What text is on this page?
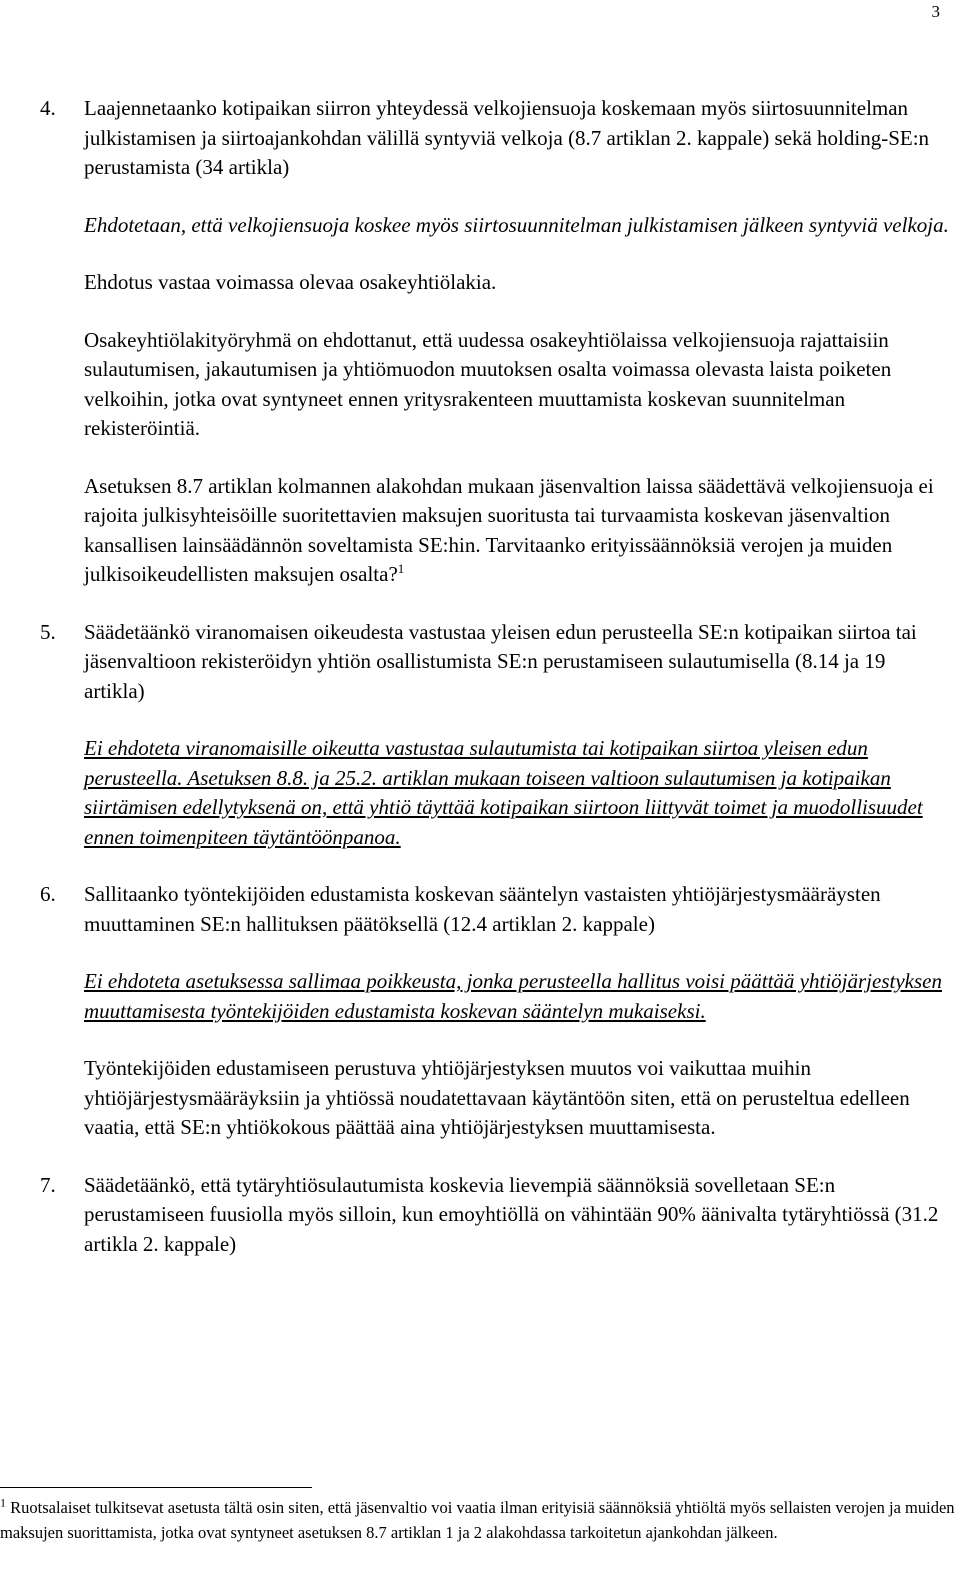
3
4.	Laajennetaanko kotipaikan siirron yhteydessä velkojiensuoja koskemaan myös siirtosuunnitelman julkistamisen ja siirtoajankohdan välillä syntyviä velkoja (8.7 artiklan 2. kappale) sekä holding-SE:n perustamista (34 artikla)
Ehdotetaan, että velkojiensuoja koskee myös siirtosuunnitelman julkistamisen jälkeen syntyviä velkoja.
Ehdotus vastaa voimassa olevaa osakeyhtiölakia.
Osakeyhtiölakityöryhmä on ehdottanut, että uudessa osakeyhtiölaissa velkojiensuoja rajattaisiin sulautumisen, jakautumisen ja yhtiömuodon muutoksen osalta voimassa olevasta laista poiketen velkoihin, jotka ovat syntyneet ennen yritysrakenteen muuttamista koskevan suunnitelman rekisteröintiä.
Asetuksen 8.7 artiklan kolmannen alakohdan mukaan jäsenvaltion laissa säädettävä velkojiensuoja ei rajoita julkisyhteisöille suoritettavien maksujen suoritusta tai turvaamista koskevan jäsenvaltion kansallisen lainsäädännön soveltamista SE:hin. Tarvitaanko erityissäännöksiä verojen ja muiden julkisoikeudellisten maksujen osalta?$^1$
5.	Säädetäänkö viranomaisen oikeudesta vastustaa yleisen edun perusteella SE:n kotipaikan siirtoa tai jäsenvaltioon rekisteröidyn yhtiön osallistumista SE:n perustamiseen sulautumisella (8.14 ja 19 artikla)
Ei ehdoteta viranomaisille oikeutta vastustaa sulautumista tai kotipaikan siirtoa yleisen edun perusteella. Asetuksen 8.8. ja 25.2. artiklan mukaan toiseen valtioon sulautumisen ja kotipaikan siirtämisen edellytyksenä on, että yhtiö täyttää kotipaikan siirtoon liittyvät toimet ja muodollisuudet ennen toimenpiteen täytäntöönpanoa.
6.	Sallitaanko työntekijöiden edustamista koskevan sääntelyn vastaisten yhtiöjärjestysmääräysten muuttaminen SE:n hallituksen päätöksellä (12.4 artiklan 2. kappale)
Ei ehdoteta asetuksessa sallimaa poikkeusta, jonka perusteella hallitus voisi päättää yhtiöjärjestyksen muuttamisesta työntekijöiden edustamista koskevan sääntelyn mukaiseksi.
Työntekijöiden edustamiseen perustuva yhtiöjärjestyksen muutos voi vaikuttaa muihin yhtiöjärjestysmääräyksiin ja yhtiössä noudatettavaan käytäntöön siten, että on perusteltua edelleen vaatia, että SE:n yhtiökokous päättää aina yhtiöjärjestyksen muuttamisesta.
7.	Säädetäänkö, että tytäryhtiösulautumista koskevia lievempiä säännöksiä sovelletaan SE:n perustamiseen fuusiolla myös silloin, kun emoyhtiöllä on vähintään 90% äänivalta tytäryhtiössä (31.2 artikla 2. kappale)
$^1$ Ruotsalaiset tulkitsevat asetusta tältä osin siten, että jäsenvaltio voi vaatia ilman erityisiä säännöksiä yhtiöltä myös sellaisten verojen ja muiden maksujen suorittamista, jotka ovat syntyneet asetuksen 8.7 artiklan 1 ja 2 alakohdassa tarkoitetun ajankohdan jälkeen.
